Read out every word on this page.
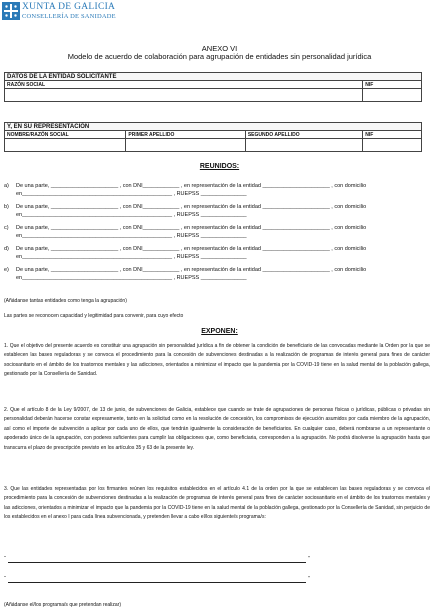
XUNTA DE GALICIA
CONSELLERÍA DE SANIDADE
ANEXO VI
Modelo de acuerdo de colaboración para agrupación de entidades sin personalidad jurídica
DATOS DE LA ENTIDAD SOLICITANTE
RAZÓN SOCIAL	NIF
Y, EN SU REPRESENTACIÓN
NOMBRE/RAZÓN SOCIAL	PRIMER APELLIDO	SEGUNDO APELLIDO	NIF
REUNIDOS:
a) De una parte, ______________________ , con DNI____________ , en representación de la entidad ______________________ , con domicilio
en_________________________________________________ , RUEPSS _______________
b) De una parte, ______________________ , con DNI____________ , en representación de la entidad ______________________ , con domicilio
en_________________________________________________ , RUEPSS _______________
c) De una parte, ______________________ , con DNI____________ , en representación de la entidad ______________________ , con domicilio
en_________________________________________________ , RUEPSS _______________
d) De una parte, ______________________ , con DNI____________ , en representación de la entidad ______________________ , con domicilio
en_________________________________________________ , RUEPSS _______________
e) De una parte, ______________________ , con DNI____________ , en representación de la entidad ______________________ , con domicilio
en_________________________________________________ , RUEPSS _______________
(Añádanse tantas entidades como tenga la agrupación)
Las partes se reconocen capacidad y legitimidad para convenir, para cuyo efecto
EXPONEN:
1. Que el objetivo del presente acuerdo es constituir una agrupación sin personalidad jurídica a fin de obtener la condición de beneficiario de las convocadas mediante la Orden por la que se establecen las bases reguladoras y se convoca el procedimiento para la concesión de subvenciones destinadas a la realización de programas de interés general para fines de carácter sociosanitario en el ámbito de los trastornos mentales y las adicciones, orientados a minimizar el impacto que la pandemia por la COVID-19 tiene en la salud mental de la población gallega, gestionado por la Consellería de Sanidad.
2. Que el artículo 8 de la Ley 9/2007, de 13 de junio, de subvenciones de Galicia, establece que cuando se trate de agrupaciones de personas físicas o jurídicas, públicas o privadas sin personalidad deberán hacerse constar expresamente, tanto en la solicitud como en la resolución de concesión, los compromisos de ejecución asumidos por cada miembro de la agrupación, así como el importe de subvención a aplicar por cada uno de ellos, que tendrán igualmente la consideración de beneficiarios. En cualquier caso, deberá nombrarse a un representante o apoderado único de la agrupación, con poderes suficientes para cumplir las obligaciones que, como beneficiaria, corresponden a la agrupación. No podrá disolverse la agrupación hasta que transcurra el plazo de prescripción previsto en los artículos 35 y 63 de la presente ley.
3. Que las entidades representadas por los firmantes reúnen los requisitos establecidos en el artículo 4.1 de la orden por la que se establecen las bases reguladoras y se convoca el procedimiento para la concesión de subvenciones destinadas a la realización de programas de interés general para fines de carácter sociosanitario en el ámbito de los trastornos mentales y las adicciones, orientados a minimizar el impacto que la pandemia por la COVID-19 tiene en la salud mental de la población gallega, gestionado por la Consellería de Sanidad, sin perjuicio de los establecidos en el anexo I para cada línea subvencionada, y pretenden llevar a cabo el/los siguiente/s programa/s:
“	”
“	”
(Añádanse el/los programa/s que pretendan realizar)
